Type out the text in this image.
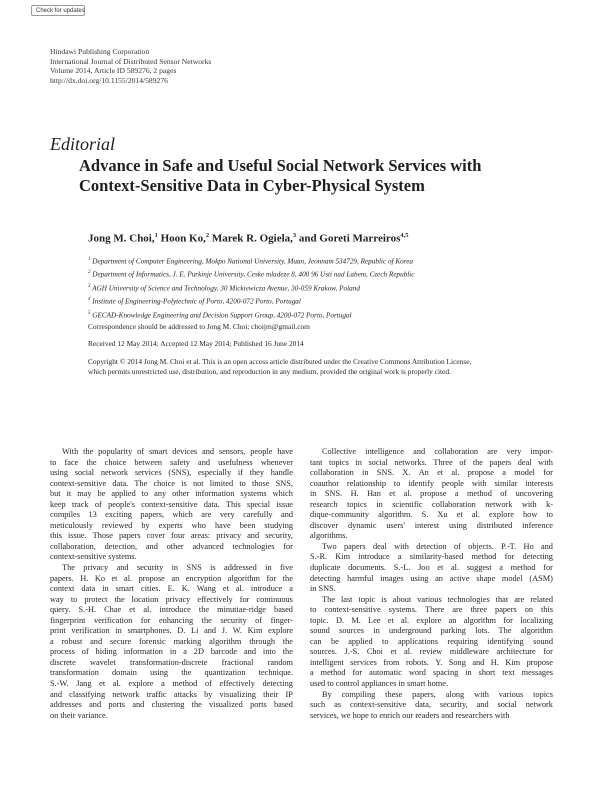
Check for updates
Hindawi Publishing Corporation
International Journal of Distributed Sensor Networks
Volume 2014, Article ID 589276, 2 pages
http://dx.doi.org/10.1155/2014/589276
Editorial
Advance in Safe and Useful Social Network Services with
Context-Sensitive Data in Cyber-Physical System
Jong M. Choi,$^1$ Hoon Ko,$^2$ Marek R. Ogiela,$^3$ and Goreti Marreiros$^{4,5}$
$^1$ Department of Computer Engineering, Mokpo National University, Muan, Jeonnam 534729, Republic of Korea
$^2$ Department of Informatics, J. E. Purkinje University, Ceske mladeze 8, 400 96 Usti nad Labem, Czech Republic
$^3$ AGH University of Science and Technology, 30 Mickiewicza Avenue, 30-059 Krakow, Poland
$^4$ Institute of Engineering-Polytechnic of Porto, 4200-072 Porto, Portugal
$^5$ GECAD-Knowledge Engineering and Decision Support Group, 4200-072 Porto, Portugal
Correspondence should be addressed to Jong M. Choi; choijm@gmail.com
Received 12 May 2014; Accepted 12 May 2014; Published 16 June 2014
Copyright © 2014 Jong M. Choi et al. This is an open access article distributed under the Creative Commons Attribution License,
which permits unrestricted use, distribution, and reproduction in any medium, provided the original work is properly cited.
With the popularity of smart devices and sensors, people have
to face the choice between safety and usefulness whenever
using social network services (SNS), especially if they handle
context-sensitive data. The choice is not limited to those SNS,
but it may be applied to any other information systems which
keep track of people's context-sensitive data. This special issue
compiles 13 exciting papers, which are very carefully and
meticulously reviewed by experts who have been studying
this issue. Those papers cover four areas: privacy and security,
collaboration, detection, and other advanced technologies for
context-sensitive systems.
The privacy and security in SNS is addressed in five
papers. H. Ko et al. propose an encryption algorithm for the
context data in smart cities. E. K. Wang et al. introduce a
way to protect the location privacy effectively for continuous
query. S.-H. Chae et al. introduce the minutiae-ridge based
fingerprint verification for enhancing the security of finger-
print verification in smartphones. D. Li and J. W. Kim explore
a robust and secure forensic marking algorithm through the
process of hiding information in a 2D barcode and into the
discrete wavelet transformation-discrete fractional random
transformation domain using the quantization technique.
S.-W. Jang et al. explore a method of effectively detecting
and classifying network traffic attacks by visualizing their IP
addresses and ports and clustering the visualized ports based
on their variance.
Collective intelligence and collaboration are very impor-
tant topics in social networks. Three of the papers deal with
collaboration in SNS. X. An et al. propose a model for
coauthor relationship to identify people with similar interests
in SNS. H. Han et al. propose a method of uncovering
research topics in scientific collaboration network with k-
dique-community algorithm. S. Xu et al. explore how to
discover dynamic users' interest using distributed inference
algorithms.
Two papers deal with detection of objects. P.-T. Ho and
S.-R. Kim introduce a similarity-based method for detecting
duplicate documents. S.-L. Joo et al. suggest a method for
detecting harmful images using an active shape model (ASM)
in SNS.
The last topic is about various technologies that are related
to context-sensitive systems. There are three papers on this
topic. D. M. Lee et al. explore an algorithm for localizing
sound sources in underground parking lots. The algorithm
can be applied to applications requiring identifying sound
sources. J.-S. Choi et al. review middleware architecture for
intelligent services from robots. Y. Song and H. Kim propose
a method for automatic word spacing in short text messages
used to control appliances in smart home.
By compiling these papers, along with various topics
such as context-sensitive data, security, and social network
services, we hope to enrich our readers and researchers with
